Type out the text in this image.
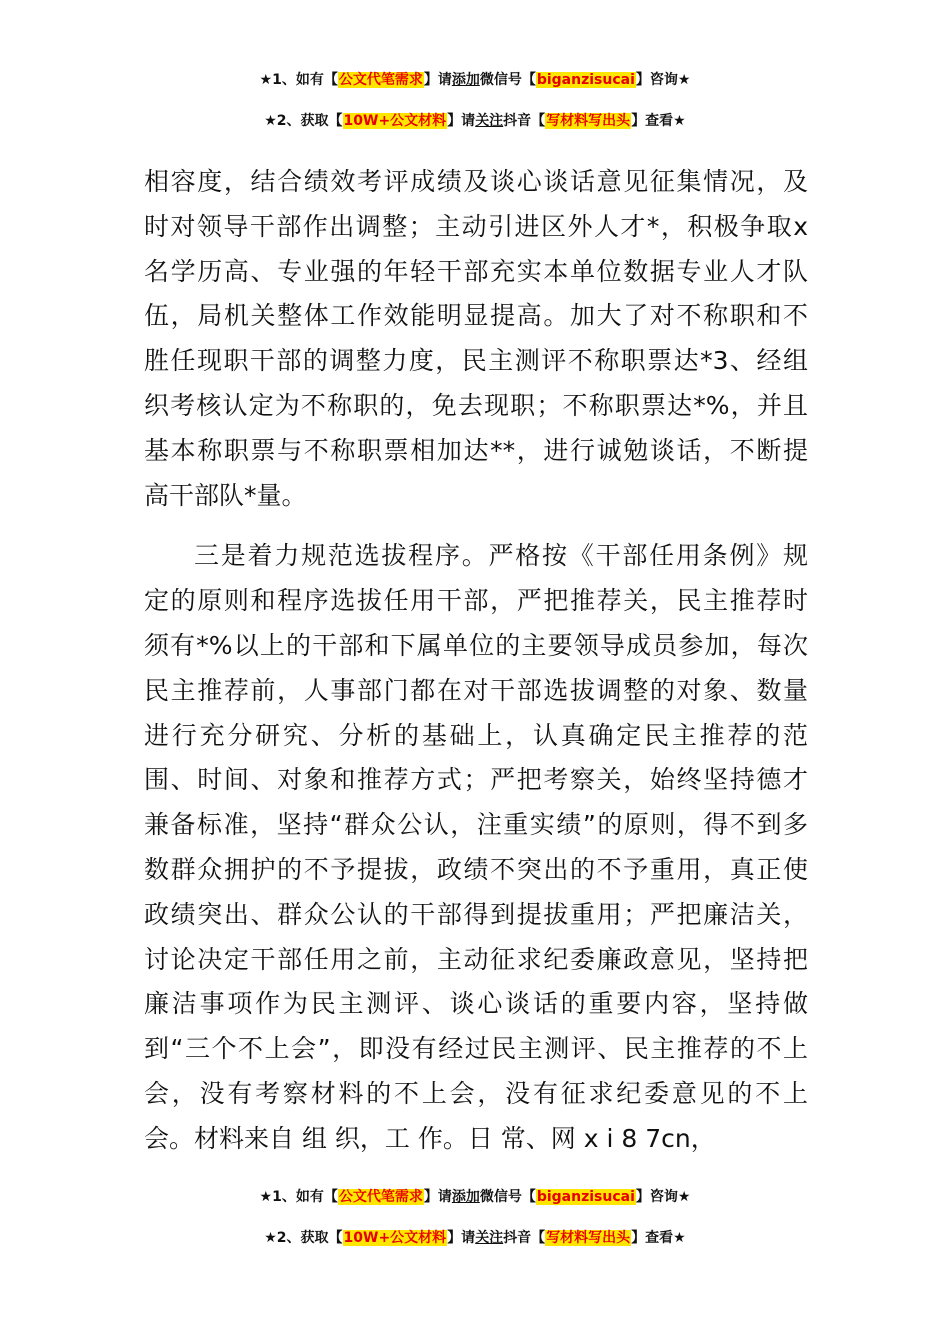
★1、如有【公文代笔需求】请添加微信号【biganzisucai】咨询★
★2、获取【10W+公文材料】请关注抖音【写材料写出头】查看★
相容度，结合绩效考评成绩及谈心谈话意见征集情况，及
时对领导干部作出调整；主动引进区外人才*，积极争取x
名学历高、专业强的年轻干部充实本单位数据专业人才队
伍，局机关整体工作效能明显提高。加大了对不称职和不
胜任现职干部的调整力度，民主测评不称职票达*3、经组
织考核认定为不称职的，免去现职；不称职票达*%，并且
基本称职票与不称职票相加达**，进行诚勉谈话，不断提
高干部队*量。
三是着力规范选拔程序。严格按《干部任用条例》规
定的原则和程序选拔任用干部，严把推荐关，民主推荐时
须有*%以上的干部和下属单位的主要领导成员参加，每次
民主推荐前，人事部门都在对干部选拔调整的对象、数量
进行充分研究、分析的基础上，认真确定民主推荐的范
围、时间、对象和推荐方式；严把考察关，始终坚持德才
兼备标准，坚持“群众公认，注重实绩”的原则，得不到多
数群众拥护的不予提拔，政绩不突出的不予重用，真正使
政绩突出、群众公认的干部得到提拔重用；严把廉洁关，
讨论决定干部任用之前，主动征求纪委廉政意见，坚持把
廉洁事项作为民主测评、谈心谈话的重要内容，坚持做
到“三个不上会”，即没有经过民主测评、民主推荐的不上
会，没有考察材料的不上会，没有征求纪委意见的不上
会。材料来自 组 织，工 作。日 常、网 x i 8 7cn，
★1、如有【公文代笔需求】请添加微信号【biganzisucai】咨询★
★2、获取【10W+公文材料】请关注抖音【写材料写出头】查看★
